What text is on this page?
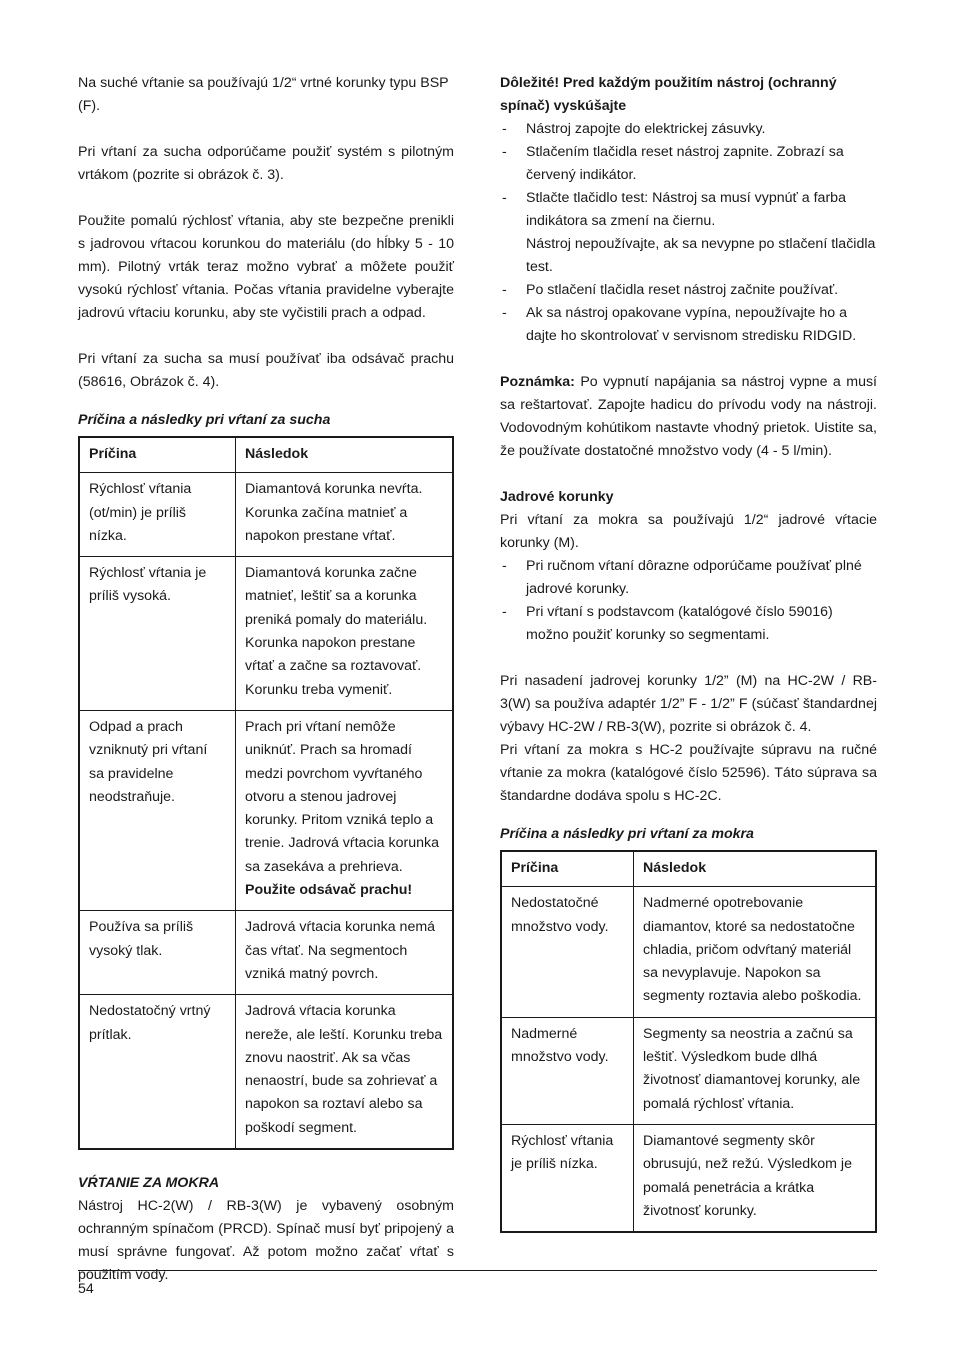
Na suché vŕtanie sa používajú 1/2“ vrtné korunky typu BSP (F).

Pri vŕtaní za sucha odporúčame použiť systém s pilotným vrtákom (pozrite si obrázok č. 3).

Použite pomalú rýchlosť vŕtania, aby ste bezpečne prenikli s jadrovou vŕtacou korunkou do materiálu (do hĺbky 5 - 10 mm). Pilotný vrták teraz možno vybrať a môžete použiť vysokú rýchlosť vŕtania. Počas vŕtania pravidelne vyberajte jadrovú vŕtaciu korunku, aby ste vyčistili prach a odpad.

Pri vŕtaní za sucha sa musí používať iba odsávač prachu (58616, Obrázok č. 4).

Príčina a následky pri vŕtaní za sucha

Príčina	Následok
Rýchlosť vŕtania (ot/min) je príliš nízka.	Diamantová korunka nevŕta. Korunka začína matnieť a napokon prestane vŕtať.
Rýchlosť vŕtania je príliš vysoká.	Diamantová korunka začne matnieť, leštiť sa a korunka preniká pomaly do materiálu. Korunka napokon prestane vŕtať a začne sa roztavovať. Korunku treba vymeniť.
Odpad a prach vzniknutý pri vŕtaní sa pravidelne neodstraňuje.	Prach pri vŕtaní nemôže uniknúť. Prach sa hromadí medzi povrchom vyvŕtaného otvoru a stenou jadrovej korunky. Pritom vzniká teplo a trenie. Jadrová vŕtacia korunka sa zasekáva a prehrieva. Použite odsávač prachu!
Používa sa príliš vysoký tlak.	Jadrová vŕtacia korunka nemá čas vŕtať. Na segmentoch vzniká matný povrch.
Nedostatočný vrtný prítlak.	Jadrová vŕtacia korunka nereže, ale leští. Korunku treba znovu naostriť. Ak sa včas nenaostrí, bude sa zohrievať a napokon sa roztaví alebo sa poškodí segment.

VŔTANIE ZA MOKRA

Nástroj HC-2(W) / RB-3(W) je vybavený osobným ochranným spínačom (PRCD). Spínač musí byť pripojený a musí správne fungovať. Až potom možno začať vŕtať s použitím vody.

Dôležité! Pred každým použitím nástroj (ochranný spínač) vyskúšajte

- Nástroj zapojte do elektrickej zásuvky.
- Stlačením tlačidla reset nástroj zapnite. Zobrazí sa červený indikátor.
- Stlačte tlačidlo test: Nástroj sa musí vypnúť a farba indikátora sa zmení na čiernu.
Nástroj nepoužívajte, ak sa nevypne po stlačení tlačidla test.
- Po stlačení tlačidla reset nástroj začnite používať.
- Ak sa nástroj opakovane vypína, nepoužívajte ho a dajte ho skontrolovať v servisnom stredisku RIDGID.

Poznámka: Po vypnutí napájania sa nástroj vypne a musí sa reštartovať. Zapojte hadicu do prívodu vody na nástroji. Vodovodným kohútikom nastavte vhodný prietok. Uistite sa, že používate dostatočné množstvo vody (4 - 5 l/min).

Jadrové korunky

Pri vŕtaní za mokra sa používajú 1/2“ jadrové vŕtacie korunky (M).

- Pri ručnom vŕtaní dôrazne odporúčame používať plné jadrové korunky.
- Pri vŕtaní s podstavcom (katalógové číslo 59016) možno použiť korunky so segmentami.

Pri nasadení jadrovej korunky 1/2” (M) na HC-2W / RB-3(W) sa používa adaptér 1/2” F - 1/2” F (súčasť štandardnej výbavy HC-2W / RB-3(W), pozrite si obrázok č. 4.

Pri vŕtaní za mokra s HC-2 používajte súpravu na ručné vŕtanie za mokra (katalógové číslo 52596). Táto súprava sa štandardne dodáva spolu s HC-2C.

Príčina a následky pri vŕtaní za mokra

Príčina	Následok
Nedostatočné množstvo vody.	Nadmerné opotrebovanie diamantov, ktoré sa nedostatočne chladia, pričom odvŕtaný materiál sa nevyplavuje. Napokon sa segmenty roztavia alebo poškodia.
Nadmerné množstvo vody.	Segmenty sa neostria a začnú sa leštiť. Výsledkom bude dlhá životnosť diamantovej korunky, ale pomalá rýchlosť vŕtania.
Rýchlosť vŕtania je príliš nízka.	Diamantové segmenty skôr obrusujú, než režú. Výsledkom je pomalá penetrácia a krátka životnosť korunky.
54
